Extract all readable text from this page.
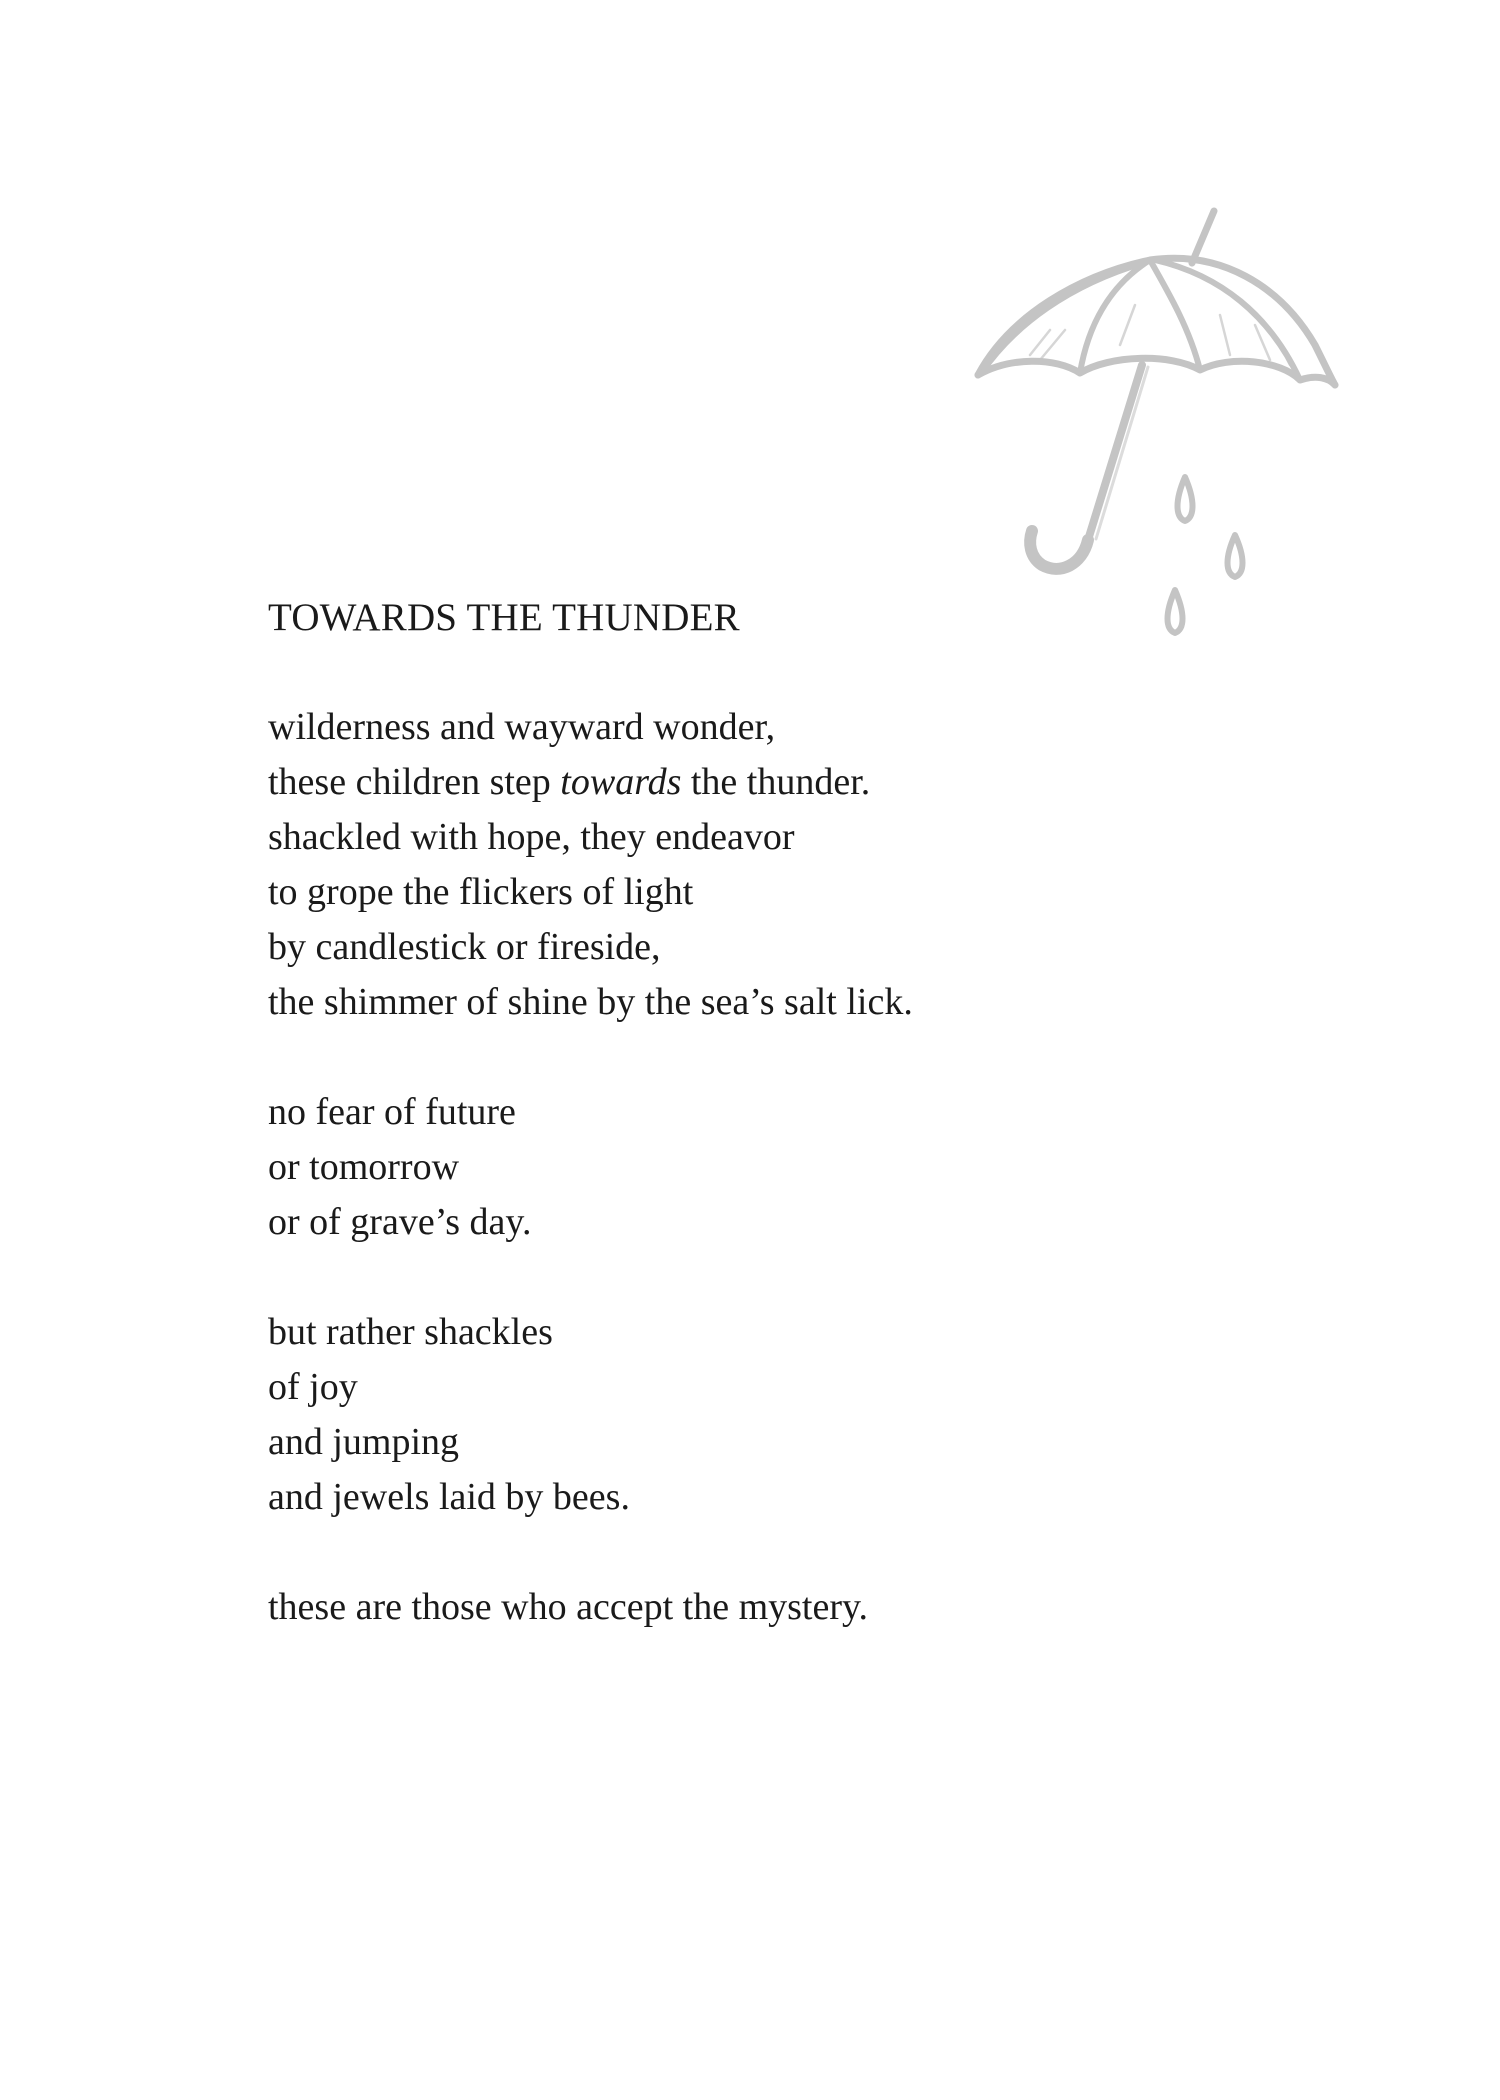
TOWARDS THE THUNDER
wilderness and wayward wonder,
these children step towards the thunder.
shackled with hope, they endeavor
to grope the flickers of light
by candlestick or fireside,
the shimmer of shine by the sea’s salt lick.
no fear of future
or tomorrow
or of grave’s day.
but rather shackles
of joy
and jumping
and jewels laid by bees.
these are those who accept the mystery.
